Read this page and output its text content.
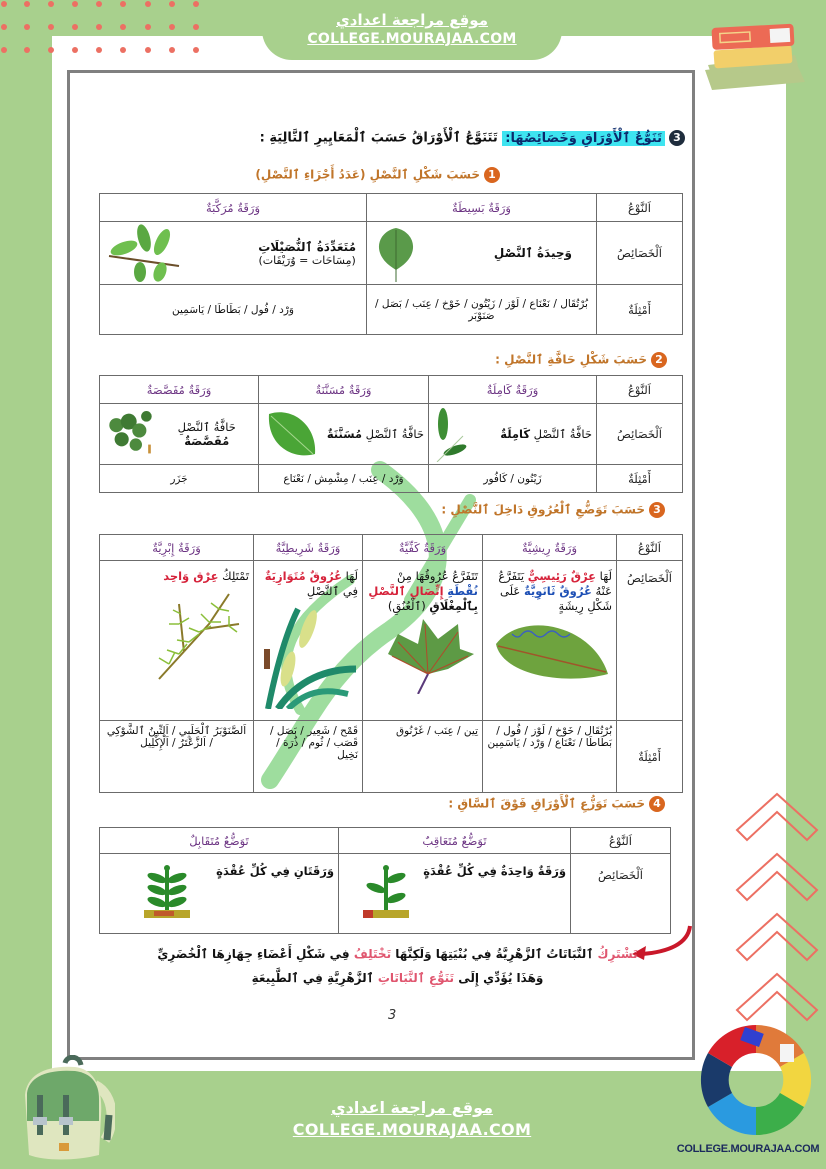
موقع مراجعة اعدادي
COLLEGE.MOURAJAA.COM
3تَنَوُّعُ ٱلْأَوْرَاقِ وَخَصَائِصُهَا: تَتَنَوَّعُ ٱلْأَوْرَاقُ حَسَبَ ٱلْمَعَايِيرِ ٱلتَّالِيَةِ :
1حَسَبَ شَكْلِ ٱلنَّصْلِ (عَدَدُ أَجْزَاءِ ٱلنَّصْلِ)
اَلنَّوْعُ	وَرَقَةٌ بَسِيطَةٌ	وَرَقَةٌ مُرَكَّبَةٌ
اَلْخَصَائِصُ	وَحِيدَةُ ٱلنَّصْلِ	مُتَعَدِّدَةُ ٱلنُّصَيْلَاتِ
(مِسَاحَات = وُرَيْقَات)

أَمْثِلَةٌ	بُرْتُقَال / نَعْنَاع / لَوْز / زَيْتُون / خَوْخ / عِنَب / بَصَل / صَنَوْبَر	وَرْد / فُول / بَطَاطَا / يَاسَمِين
2حَسَبَ شَكْلِ حَافَّةِ ٱلنَّصْلِ :
اَلنَّوْعُ	وَرَقَةٌ كَامِلَةٌ	وَرَقَةٌ مُسَنَّنَةٌ	وَرَقَةٌ مُفَصَّصَةٌ
اَلْخَصَائِصُ	حَافَّةُ ٱلنَّصْلِ كَامِلَةٌ	حَافَّةُ ٱلنَّصْلِ مُسَنَّنَةٌ	حَافَّةُ ٱلنَّصْلِ مُفَصَّصَةٌ

أَمْثِلَةٌ	زَيْتُون / كَافُور	وَرْد / عِنَب / مِشْمِش / نَعْنَاع	جَزَر
3حَسَبَ تَوَضُّعِ ٱلْعُرُوقِ دَاخِلَ ٱلنَّصْلِ :
اَلنَّوْعُ	وَرَقَةٌ رِيشِيَّةٌ	وَرَقَةٌ كَفِّيَّةٌ	وَرَقَةٌ شَرِيطِيَّةٌ	وَرَقَةٌ إِبْرِيَّةٌ
اَلْخَصَائِصُ	لَهَا عِرْقٌ رَئِيسِيٌّ يَتَفَرَّعُ عَنْهُ عُرُوقٌ ثَانَوِيَّةٌ عَلَى شَكْلِ رِيشَةٍ	تَتَفَرَّعُ عُرُوقُهَا مِنْ نُقْطَةِ إِتِّصَالِ ٱلنَّصْلِ بِٱلْمِغْلَاقِ (ٱلْعُنُقِ)	لَهَا عُرُوقٌ مُتَوَازِيَةٌ فِي ٱلنَّصْلِ	تَمْتَلِكُ عِرْق وَاحِد

أَمْثِلَةٌ	بُرْتُقَال / خَوْخ / لَوْز / فُول / بَطَاطَا / نَعْنَاع / وَرْد / يَاسَمِين	تِين / عِنَب / غَرْنُوق	قَمْح / شَعِير / بَصَل / قَصَب / ثُوم / ذُرَة / نَخِيل	اَلصَّنَوْبَرُ ٱلْحَلَبِي / اَلتِّينُ ٱلشَّوْكِي / اَلزَّعْتَرُ / اَلْإِكْلِيل
4حَسَبَ تَوَزُّعِ ٱلْأَوْرَاقِ فَوْقَ ٱلسَّاقِ :
اَلنَّوْعُ	تَوَضُّعٌ مُتَعَاقِبٌ	تَوَضُّعٌ مُتَقَابِلٌ
اَلْخَصَائِصُ	وَرَقَةٌ وَاحِدَةٌ فِي كُلِّ عُقْدَةٍ	وَرَقَتَانِ فِي كُلِّ عُقْدَةٍ
تَشْتَرِكُ ٱلنَّبَاتَاتُ ٱلزَّهْرِيَّةُ فِي بُنْيَتِهَا وَلَكِنَّهَا تَخْتَلِفُ فِي شَكْلِ أَعْضَاءِ جِهَازِهَا ٱلْخُضَرِيِّ
وَهَذَا يُؤَدِّي إِلَى تَنَوُّعِ ٱلنَّبَاتَاتِ ٱلزَّهْرِيَّةِ فِي ٱلطَّبِيعَةِ
3
موقع مراجعة اعدادي
COLLEGE.MOURAJAA.COM
COLLEGE.MOURAJAA.COM
